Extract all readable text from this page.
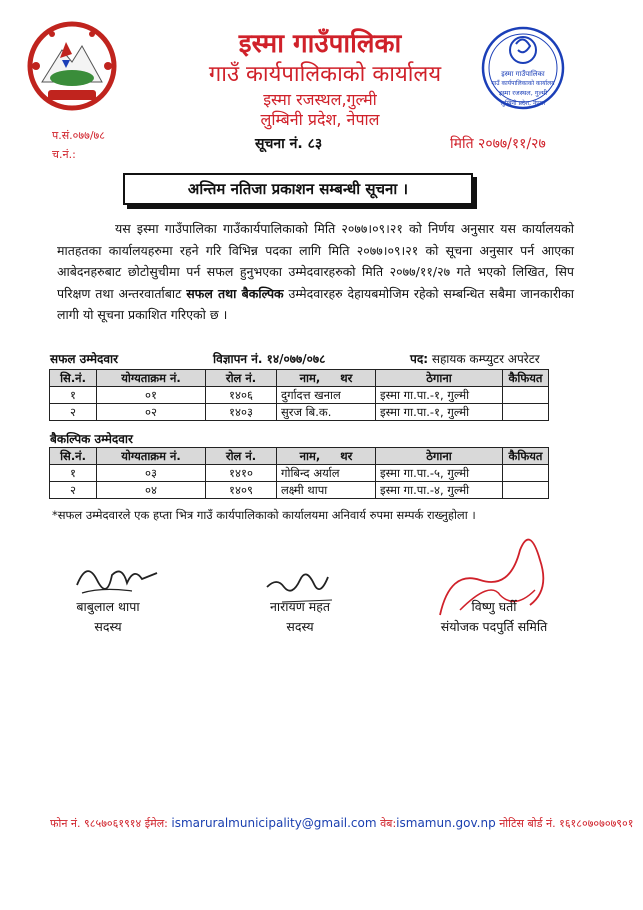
इस्मा गाउँपालिका
गाउँ कार्यपालिकाको कार्यालय
इस्मा रजस्थल,गुल्मी
लुम्बिनी प्रदेश, नेपाल
इस्मा गाउँपालिका
गाउँ कार्यपालिकाको कार्यालय
इस्मा रजस्थल, गुल्मी
लुम्बिनी प्रदेश, नेपाल
प.सं.०७७/७८
च.नं.:
सूचना नं. ८३	मिति २०७७/११/२७
अन्तिम नतिजा प्रकाशन सम्बन्धी सूचना ।

यस इस्मा गाउँपालिका गाउँकार्यपालिकाको मिति २०७७।०९।२१ को निर्णय अनुसार यस कार्यालयको मातहतका कार्यालयहरुमा रहने गरि विभिन्न पदका लागि मिति २०७७।०९।२१ को सूचना अनुसार पर्न आएका आबेदनहरुबाट छोटोसुचीमा पर्न सफल हुनुभएका उम्मेदवारहरुको मिति २०७७/११/२७ गते भएको लिखित, सिप परिक्षण तथा अन्तरवार्ताबाट सफल तथा बैकल्पिक उम्मेदवारहरु देहायबमोजिम रहेको सम्बन्धित सबैमा जानकारीका लागी यो सूचना प्रकाशित गरिएको छ ।

सफल उम्मेदवार	विज्ञापन नं. १४/०७७/०७८	पद: सहायक कम्प्युटर अपरेटर
सि.नं.	योग्यताक्रम नं.	रोल नं.	नाम,     थर	ठेगाना	कैफियत
१	०१	१४०६	दुर्गादत्त खनाल	इस्मा गा.पा.-१, गुल्मी	
२	०२	१४०३	सुरज बि.क.	इस्मा गा.पा.-१, गुल्मी	
बैकल्पिक उम्मेदवार
सि.नं.	योग्यताक्रम नं.	रोल नं.	नाम,     थर	ठेगाना	कैफियत
१	०३	१४१०	गोबिन्द अर्याल	इस्मा गा.पा.-५, गुल्मी	
२	०४	१४०९	लक्ष्मी थापा	इस्मा गा.पा.-४, गुल्मी	
*सफल उम्मेदवारले एक हप्ता भित्र गाउँ कार्यपालिकाको कार्यालयमा अनिवार्य रुपमा सम्पर्क राख्नुहोला ।
बाबुलाल थापा
सदस्य
नारायण महत
सदस्य
विष्णु घर्ती
संयोजक पदपुर्ति समिति
फोन नं. ९८५७०६१९१४ ईमेल: ismaruralmunicipality@gmail.com वेब:ismamun.gov.np नोटिस बोर्ड नं. १६१८०७०७०७९०१
